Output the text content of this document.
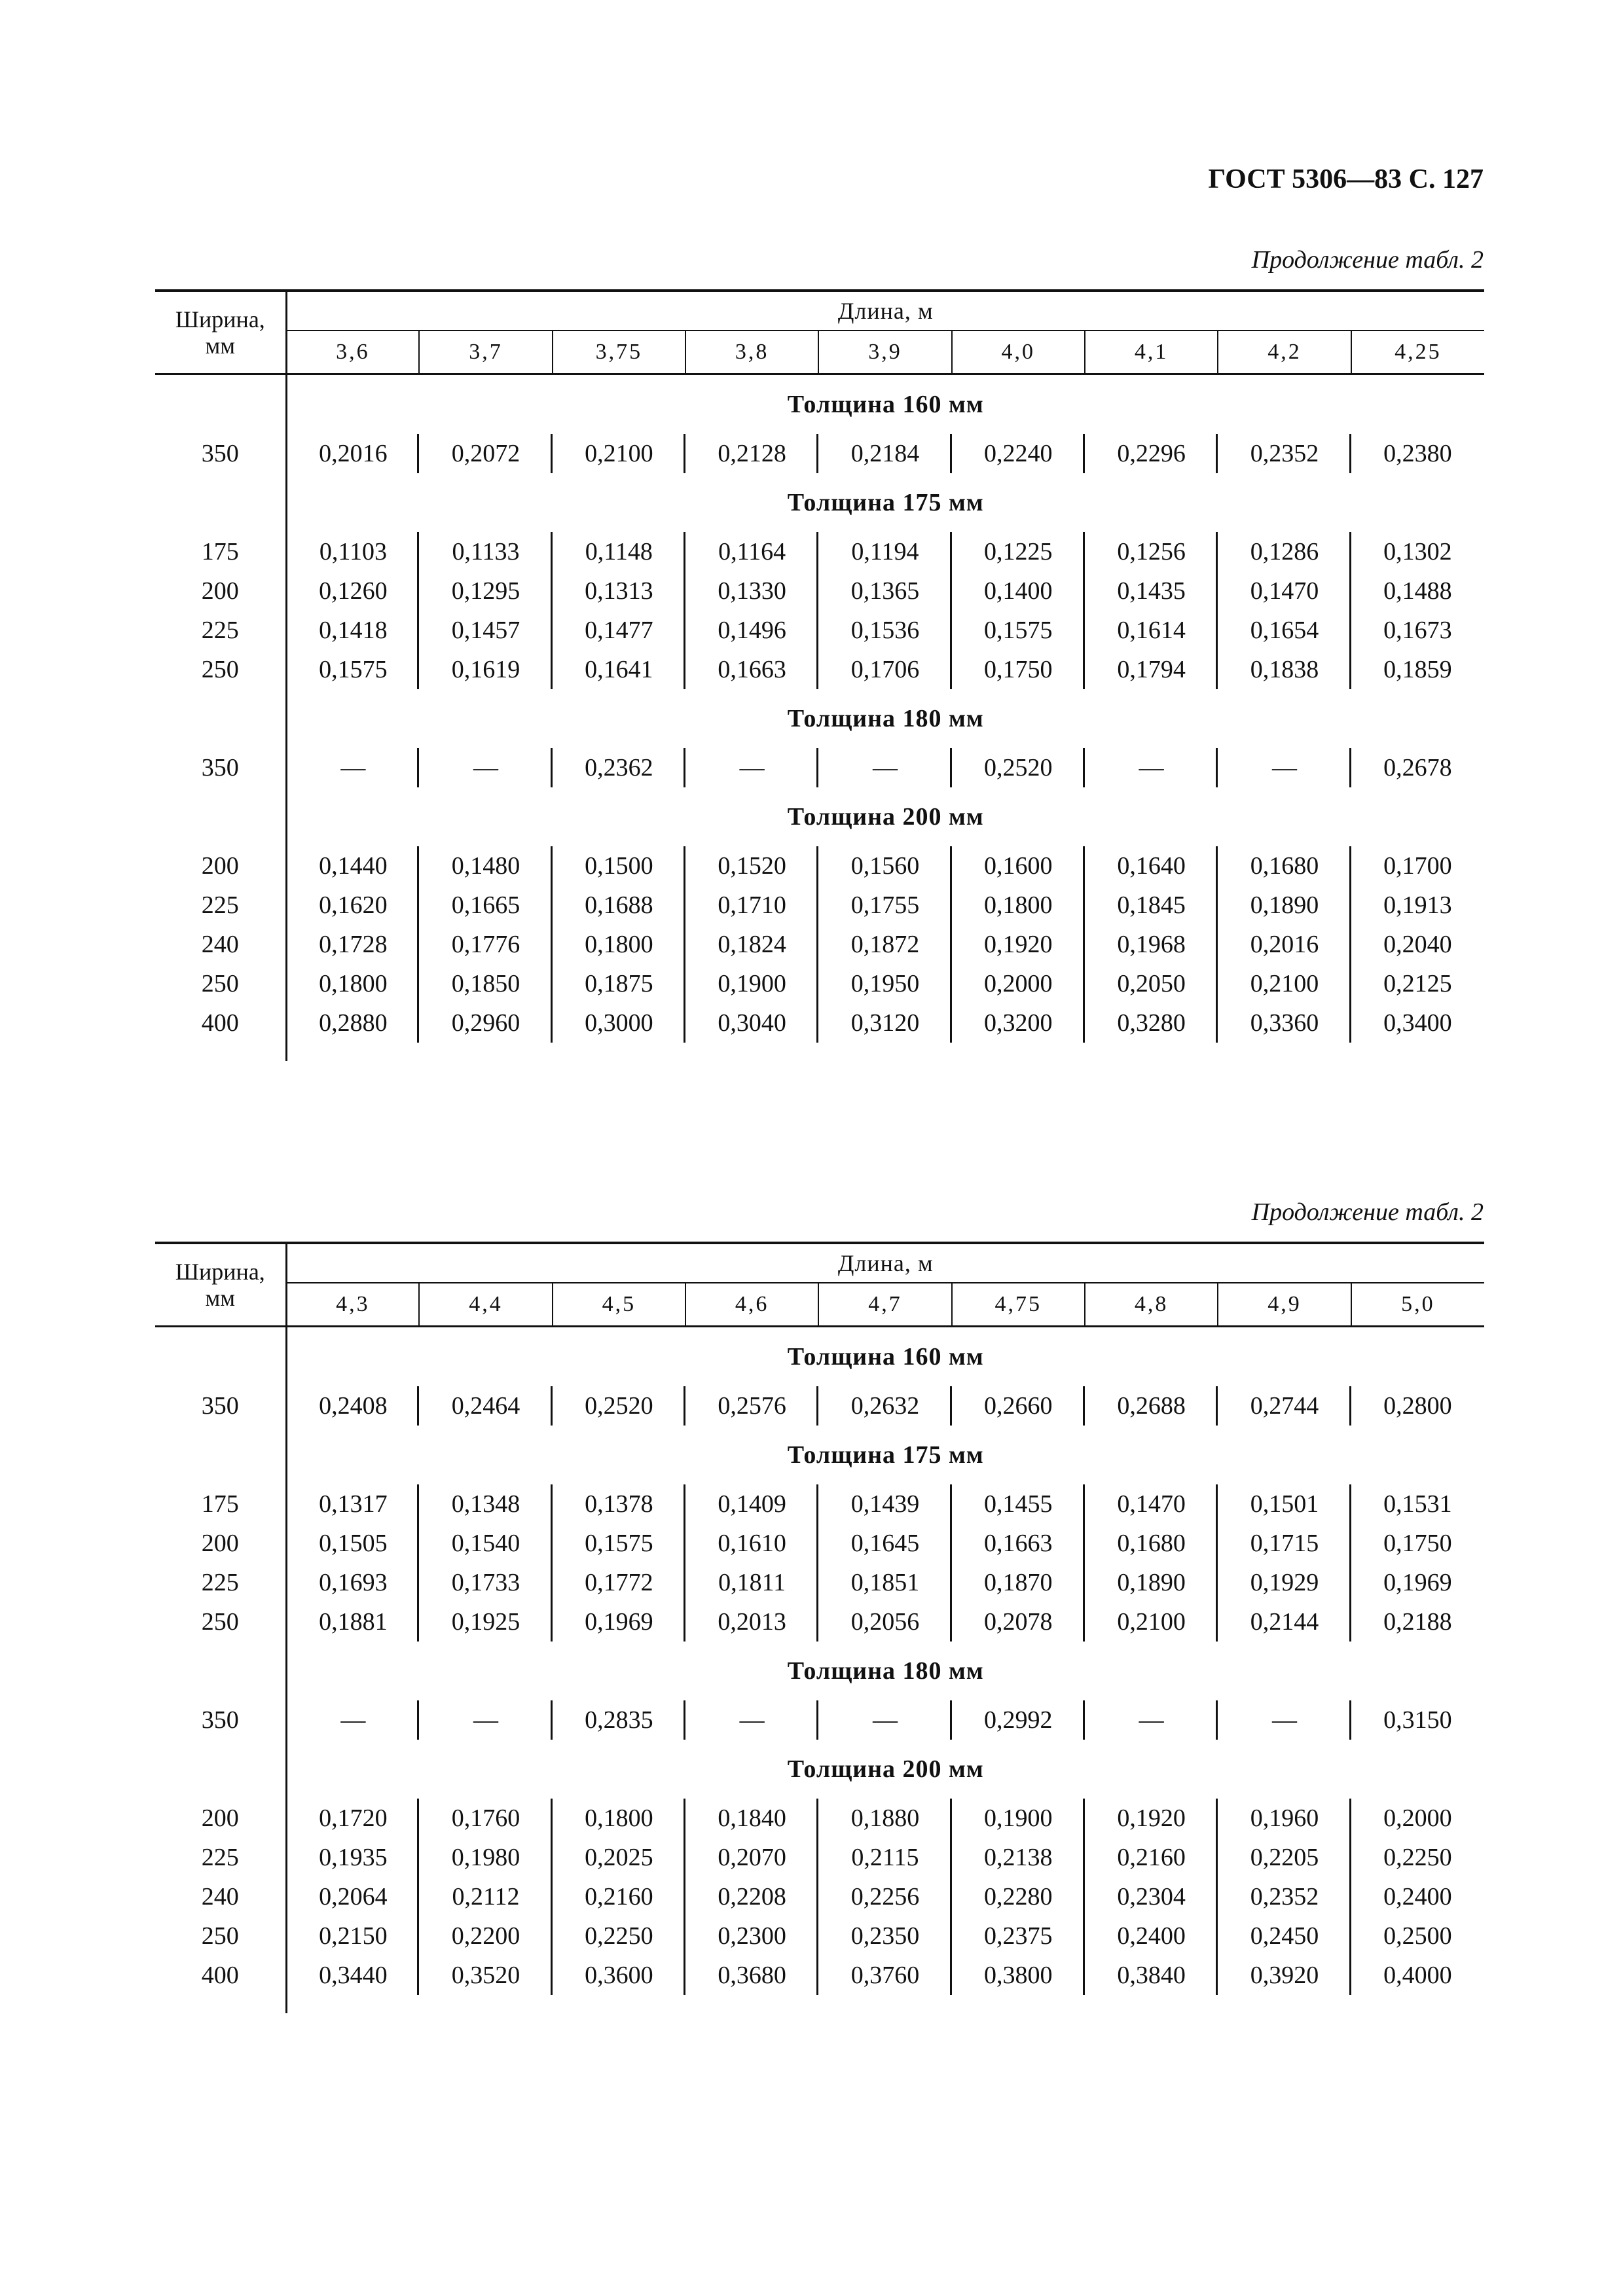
ГОСТ 5306—83 С. 127
Продолжение табл. 2
Ширина,
мм	Длина, м								
	3,6	3,7	3,75	3,8	3,9	4,0	4,1	4,2	4,25
	Толщина 160 мм								
350	0,2016	0,2072	0,2100	0,2128	0,2184	0,2240	0,2296	0,2352	0,2380
	Толщина 175 мм								
175	0,1103	0,1133	0,1148	0,1164	0,1194	0,1225	0,1256	0,1286	0,1302
200	0,1260	0,1295	0,1313	0,1330	0,1365	0,1400	0,1435	0,1470	0,1488
225	0,1418	0,1457	0,1477	0,1496	0,1536	0,1575	0,1614	0,1654	0,1673
250	0,1575	0,1619	0,1641	0,1663	0,1706	0,1750	0,1794	0,1838	0,1859
	Толщина 180 мм								
350	—	—	0,2362	—	—	0,2520	—	—	0,2678
	Толщина 200 мм								
200	0,1440	0,1480	0,1500	0,1520	0,1560	0,1600	0,1640	0,1680	0,1700
225	0,1620	0,1665	0,1688	0,1710	0,1755	0,1800	0,1845	0,1890	0,1913
240	0,1728	0,1776	0,1800	0,1824	0,1872	0,1920	0,1968	0,2016	0,2040
250	0,1800	0,1850	0,1875	0,1900	0,1950	0,2000	0,2050	0,2100	0,2125
400	0,2880	0,2960	0,3000	0,3040	0,3120	0,3200	0,3280	0,3360	0,3400

Продолжение табл. 2
Ширина,
мм	Длина, м								
	4,3	4,4	4,5	4,6	4,7	4,75	4,8	4,9	5,0
	Толщина 160 мм								
350	0,2408	0,2464	0,2520	0,2576	0,2632	0,2660	0,2688	0,2744	0,2800
	Толщина 175 мм								
175	0,1317	0,1348	0,1378	0,1409	0,1439	0,1455	0,1470	0,1501	0,1531
200	0,1505	0,1540	0,1575	0,1610	0,1645	0,1663	0,1680	0,1715	0,1750
225	0,1693	0,1733	0,1772	0,1811	0,1851	0,1870	0,1890	0,1929	0,1969
250	0,1881	0,1925	0,1969	0,2013	0,2056	0,2078	0,2100	0,2144	0,2188
	Толщина 180 мм								
350	—	—	0,2835	—	—	0,2992	—	—	0,3150
	Толщина 200 мм								
200	0,1720	0,1760	0,1800	0,1840	0,1880	0,1900	0,1920	0,1960	0,2000
225	0,1935	0,1980	0,2025	0,2070	0,2115	0,2138	0,2160	0,2205	0,2250
240	0,2064	0,2112	0,2160	0,2208	0,2256	0,2280	0,2304	0,2352	0,2400
250	0,2150	0,2200	0,2250	0,2300	0,2350	0,2375	0,2400	0,2450	0,2500
400	0,3440	0,3520	0,3600	0,3680	0,3760	0,3800	0,3840	0,3920	0,4000
